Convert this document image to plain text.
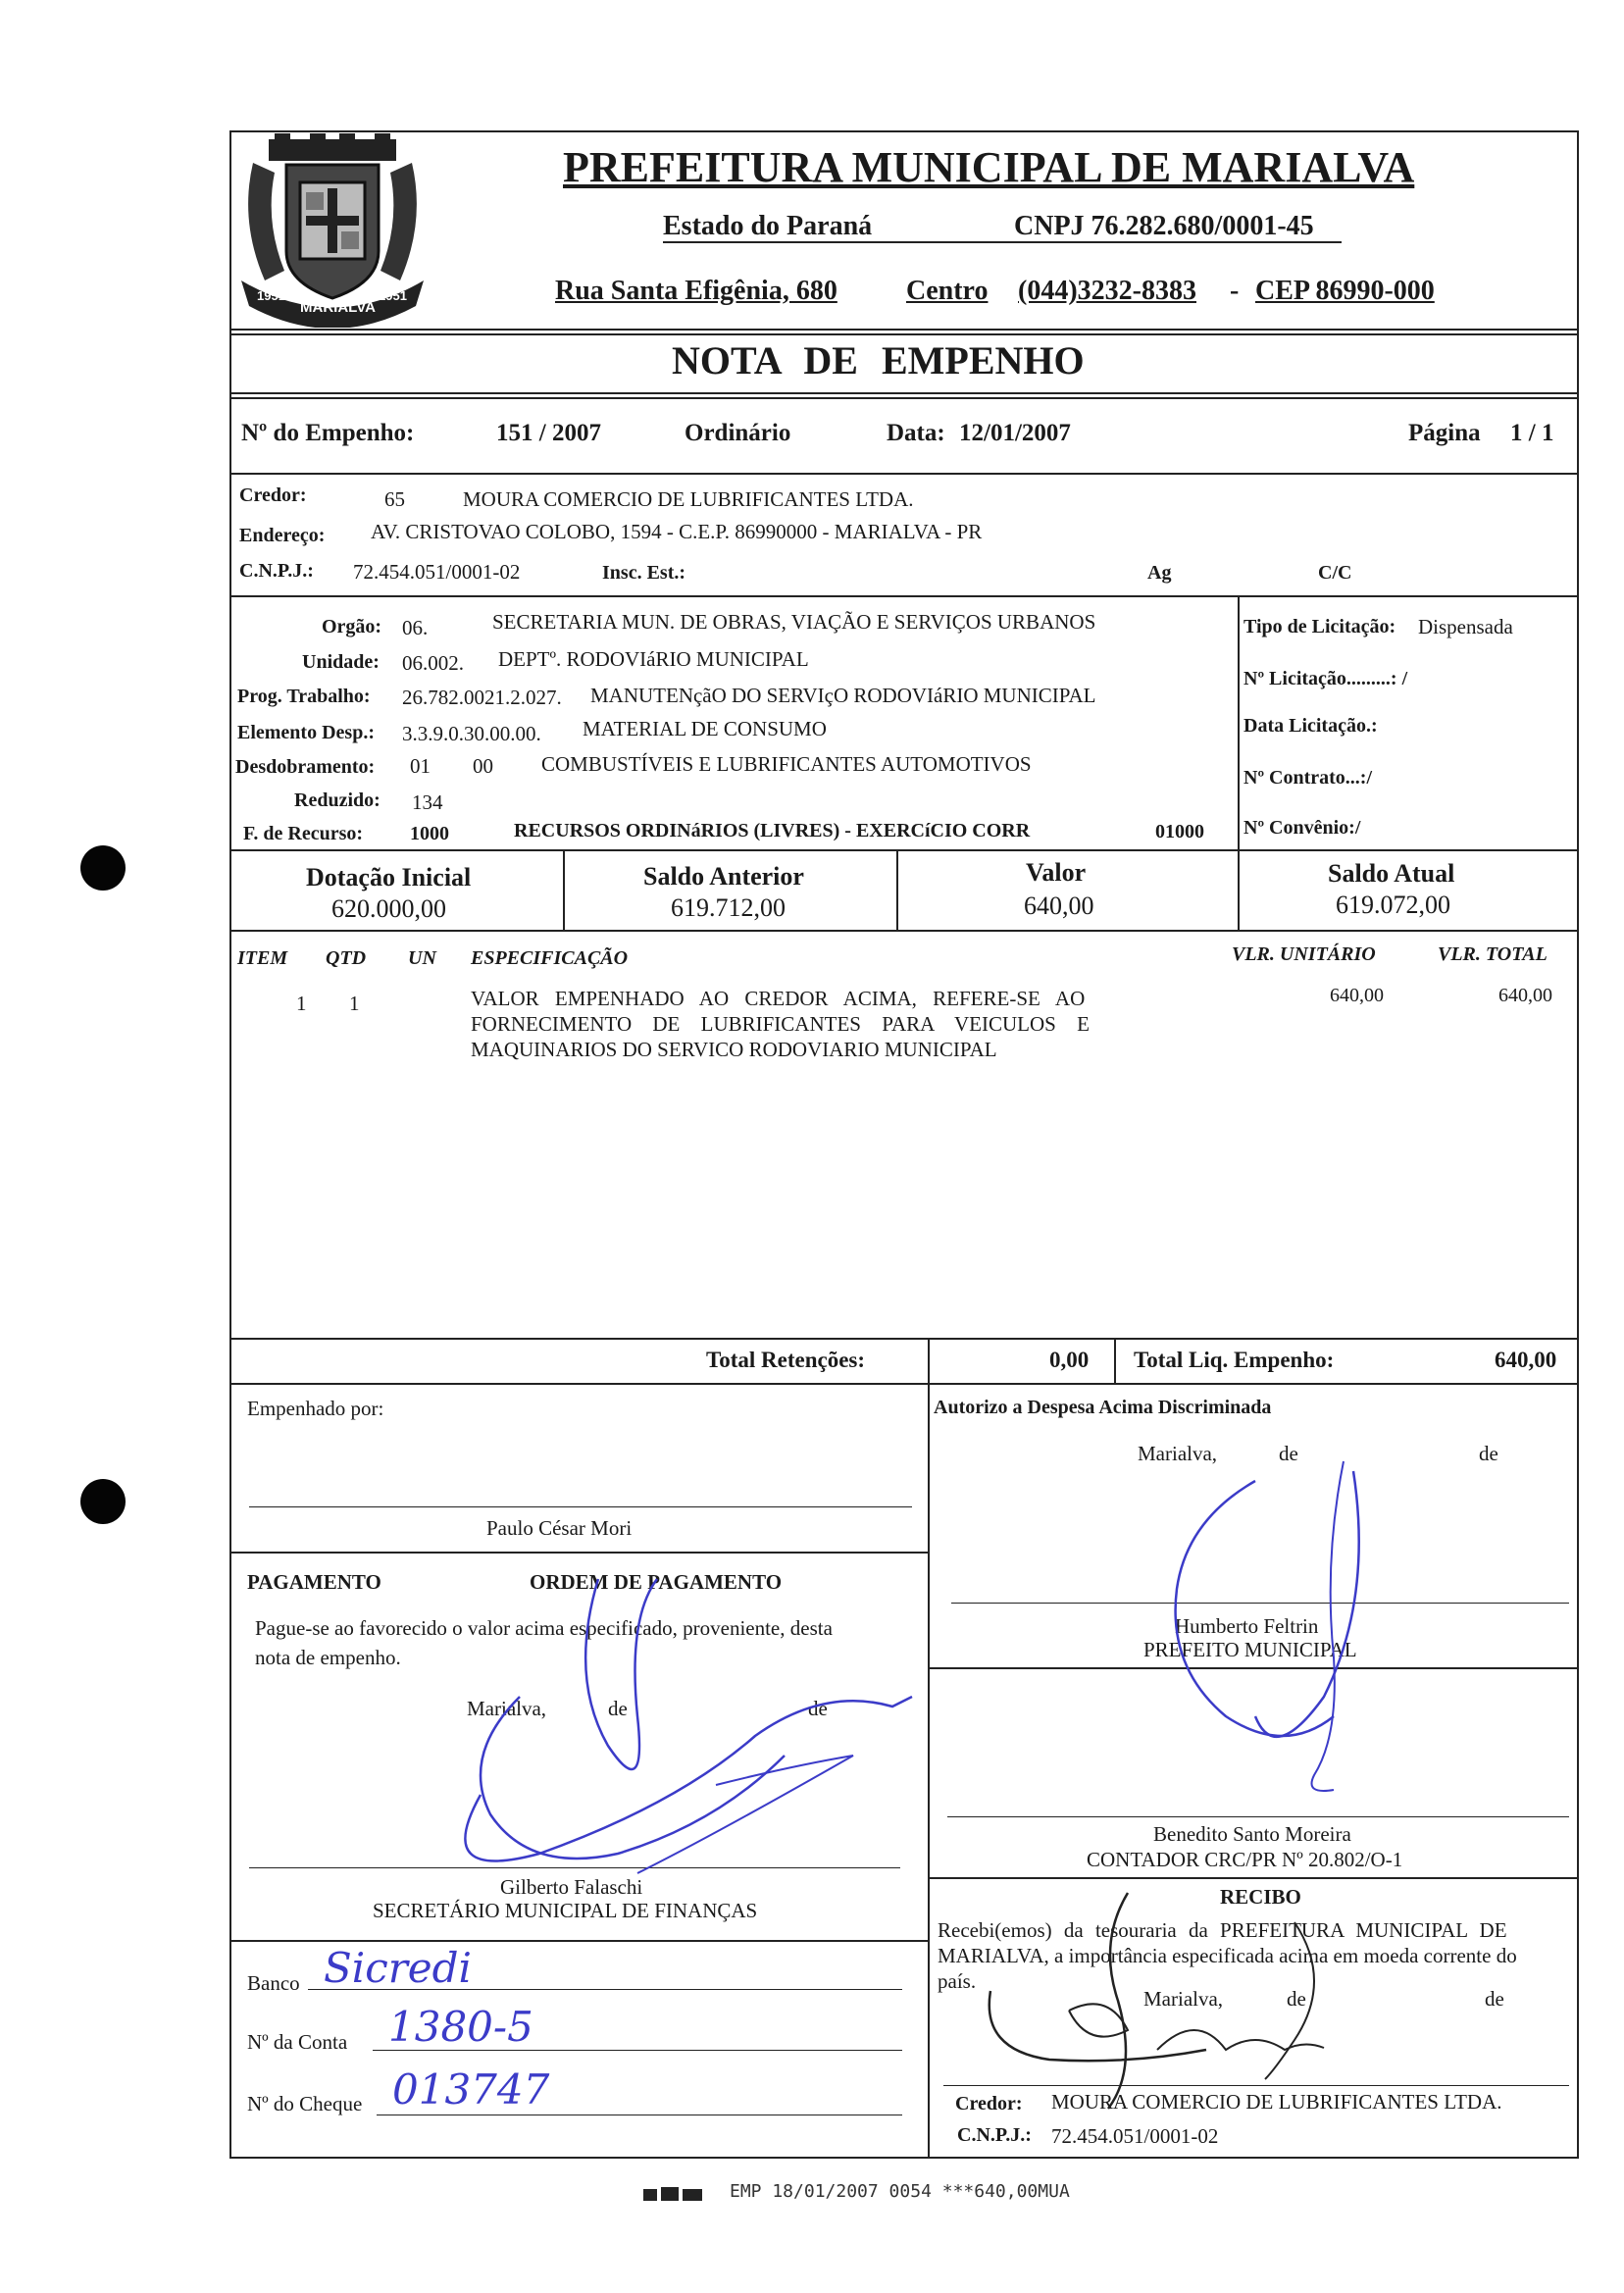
1951
MARIALVA
1951
PREFEITURA MUNICIPAL DE MARIALVA
Estado do Paraná	CNPJ 76.282.680/0001-45
Rua Santa Efigênia, 680	Centro (044)3232-8383 - CEP 86990-000
NOTA DE EMPENHO
Nº do Empenho:	151 / 2007	Ordinário	Data: 12/01/2007	Página 1 / 1
Credor:	65	MOURA COMERCIO DE LUBRIFICANTES LTDA.
Endereço: AV. CRISTOVAO COLOBO, 1594 - C.E.P. 86990000 - MARIALVA - PR
C.N.P.J.: 72.454.051/0001-02	Insc. Est.:	Ag	C/C
Orgão: 06.	SECRETARIA MUN. DE OBRAS, VIAÇÃO E SERVIÇOS URBANOS
Unidade: 06.002. DEPTº. RODOVIáRIO MUNICIPAL
Prog. Trabalho: 26.782.0021.2.027. MANUTENçãO DO SERVIçO RODOVIáRIO MUNICIPAL
Elemento Desp.: 3.3.9.0.30.00.00. MATERIAL DE CONSUMO
Desdobramento: 01 00 COMBUSTÍVEIS E LUBRIFICANTES AUTOMOTIVOS
Reduzido: 134
F. de Recurso: 1000	RECURSOS ORDINáRIOS (LIVRES) - EXERCíCIO CORR	01000
Tipo de Licitação: Dispensada
Nº Licitação.........: /
Data Licitação.:
Nº Contrato...:/
Nº Convênio:/
Dotação Inicial
620.000,00
Saldo Anterior
619.712,00
Valor
640,00
Saldo Atual
619.072,00
ITEM QTD UN ESPECIFICAÇÃO	VLR. UNITÁRIO	VLR. TOTAL
1 1	VALOR EMPENHADO AO CREDOR ACIMA, REFERE-SE AO
FORNECIMENTO DE LUBRIFICANTES PARA VEICULOS E
MAQUINARIOS DO SERVICO RODOVIARIO MUNICIPAL
640,00	640,00
Total Retenções:	0,00 Total Liq. Empenho:	640,00
Empenhado por:
Paulo César Mori
PAGAMENTO	ORDEM DE PAGAMENTO
Pague-se ao favorecido o valor acima especificado, proveniente, desta
nota de empenho.
Marialva,	de	de
Gilberto Falaschi
SECRETÁRIO MUNICIPAL DE FINANÇAS
Banco Sicredi
Nº da Conta 1380-5
Nº do Cheque 013747
Autorizo a Despesa Acima Discriminada
Marialva,	de	de
Humberto Feltrin
PREFEITO MUNICIPAL
Benedito Santo Moreira
CONTADOR CRC/PR Nº 20.802/O-1
RECIBO
Recebi(emos) da tesouraria da PREFEITURA MUNICIPAL DE
MARIALVA, a importância especificada acima em moeda corrente do
país.
Marialva,	de	de
Credor: MOURA COMERCIO DE LUBRIFICANTES LTDA.
C.N.P.J.: 72.454.051/0001-02
EMP 18/01/2007 0054 ***640,00MUA
